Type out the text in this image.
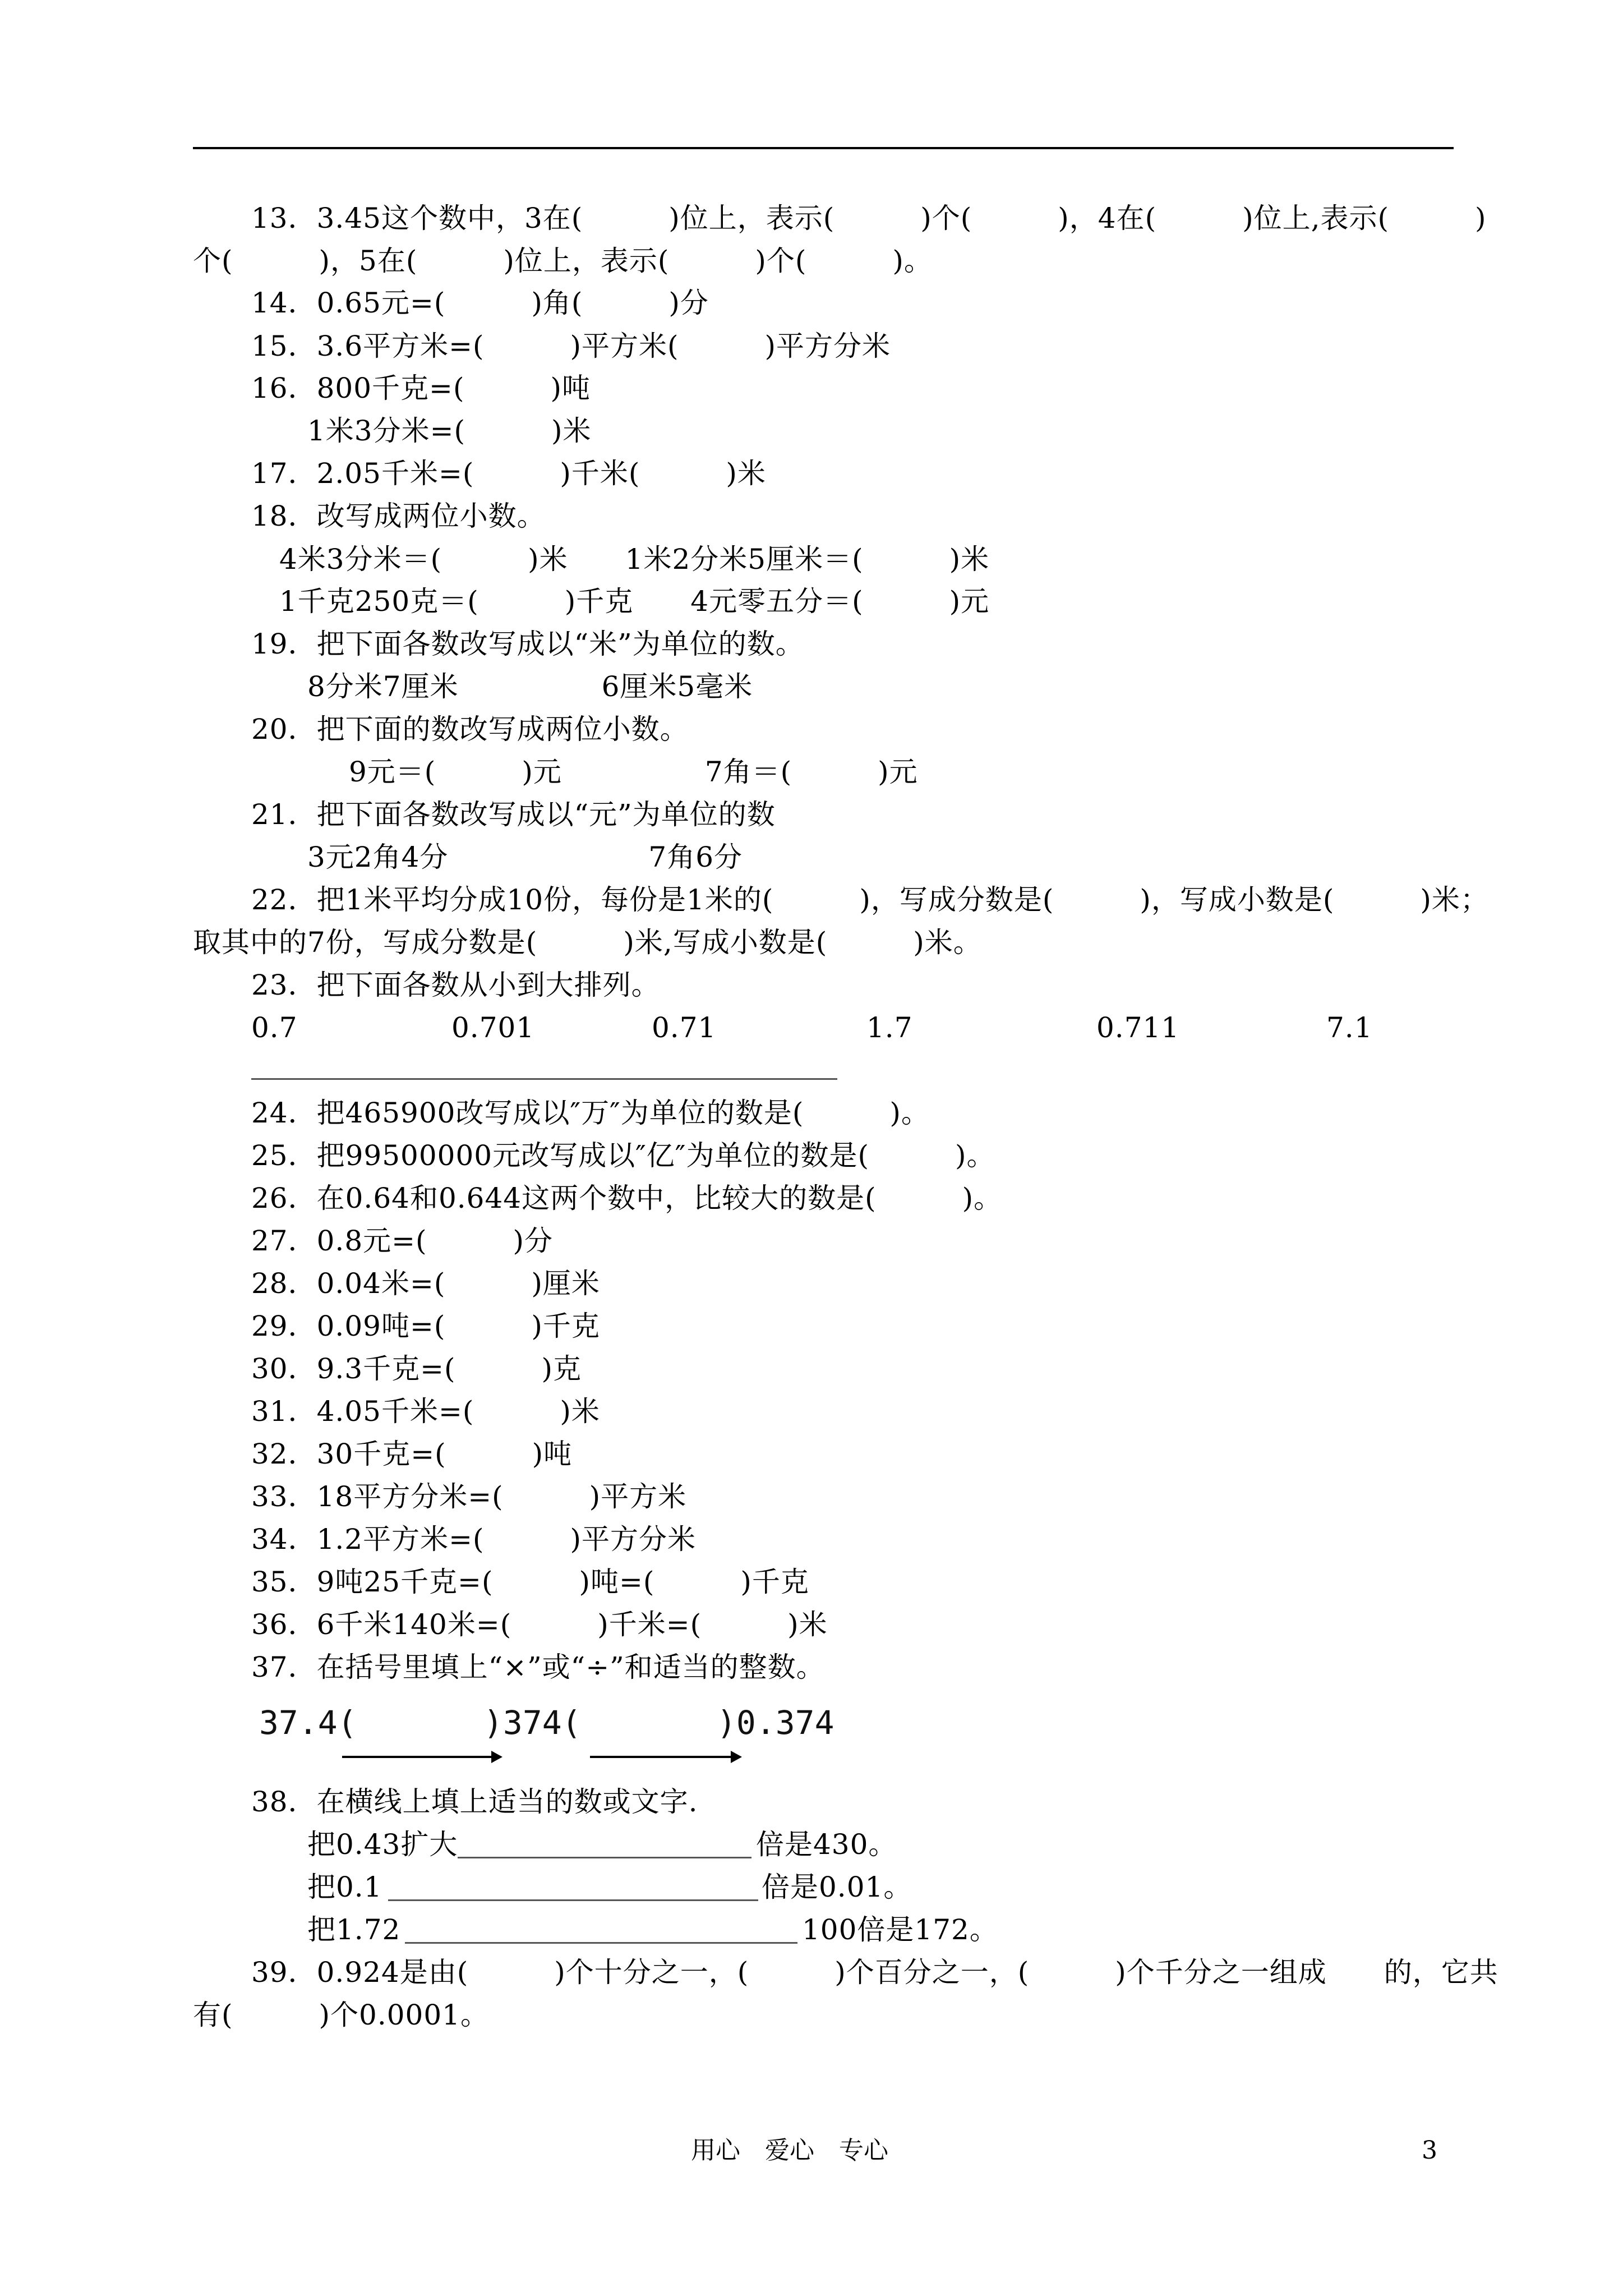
13．3.45这个数中，3在(　　　)位上，表示(　　　)个(　　　)，4在(　　　)位上,表示(　　　)
个(　　　)，5在(　　　)位上，表示(　　　)个(　　　)。
14．0.65元=(　　　)角(　　　)分
15．3.6平方米=(　　　)平方米(　　　)平方分米
16．800千克=(　　　)吨
1米3分米=(　　　)米
17．2.05千米=(　　　)千米(　　　)米
18．改写成两位小数。
4米3分米＝(　　　)米　　1米2分米5厘米＝(　　　)米
1千克250克＝(　　　)千克　　4元零五分＝(　　　)元
19．把下面各数改写成以“米”为单位的数。
8分米7厘米　　　　　6厘米5毫米
20．把下面的数改写成两位小数。
9元＝(　　　)元　　　　　7角＝(　　　)元
21．把下面各数改写成以“元”为单位的数
3元2角4分　　　　　　　7角6分
22．把1米平均分成10份，每份是1米的(　　　)，写成分数是(　　　)，写成小数是(　　　)米；
取其中的7份，写成分数是(　　　)米,写成小数是(　　　)米。
23．把下面各数从小到大排列。
0.7	0.701	0.71	1.7	0.711	7.1
24．把465900改写成以″万″为单位的数是(　　　)。
25．把99500000元改写成以″亿″为单位的数是(　　　)。
26．在0.64和0.644这两个数中，比较大的数是(　　　)。
27．0.8元=(　　　)分
28．0.04米=(　　　)厘米
29．0.09吨=(　　　)千克
30．9.3千克=(　　　)克
31．4.05千米=(　　　)米
32．30千克=(　　　)吨
33．18平方分米=(　　　)平方米
34．1.2平方米=(　　　)平方分米
35．9吨25千克=(　　　)吨=(　　　)千克
36．6千米140米=(　　　)千米=(　　　)米
37．在括号里填上“×”或“÷”和适当的整数。
37.4(	)374(	)0.374
38．在横线上填上适当的数或文字.
把0.43扩大	倍是430。
把0.1	倍是0.01。
把1.72	100倍是172。
39．0.924是由(　　　)个十分之一，(　　　)个百分之一，(　　　)个千分之一组成　　的，它共
有(　　　)个0.0001。
用心　爱心　专心	3
